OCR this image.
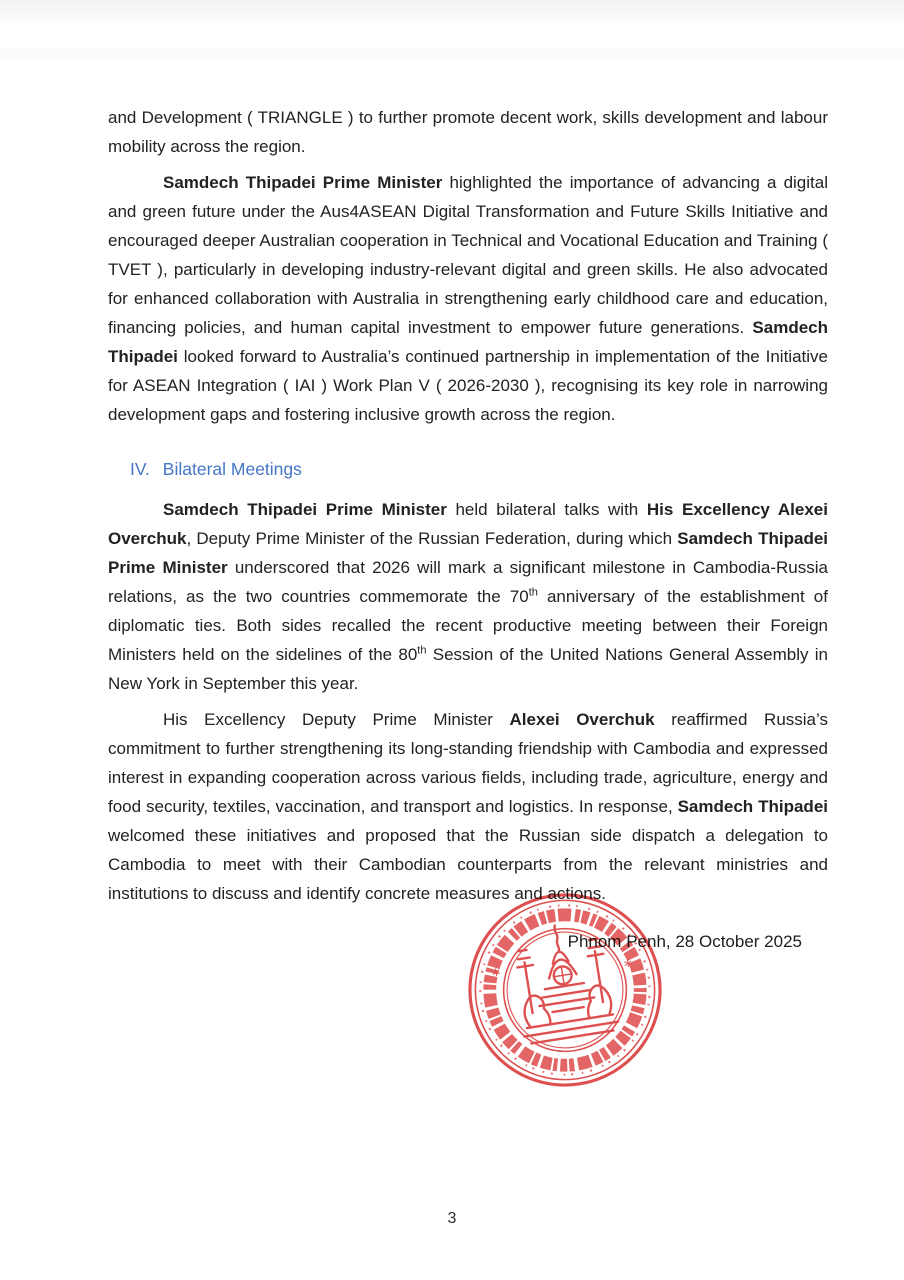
and Development ( TRIANGLE ) to further promote decent work, skills development and labour mobility across the region.

Samdech Thipadei Prime Minister highlighted the importance of advancing a digital and green future under the Aus4ASEAN Digital Transformation and Future Skills Initiative and encouraged deeper Australian cooperation in Technical and Vocational Education and Training ( TVET ), particularly in developing industry-relevant digital and green skills. He also advocated for enhanced collaboration with Australia in strengthening early childhood care and education, financing policies, and human capital investment to empower future generations. Samdech Thipadei looked forward to Australia’s continued partnership in implementation of the Initiative for ASEAN Integration ( IAI ) Work Plan V ( 2026-2030 ), recognising its key role in narrowing development gaps and fostering inclusive growth across the region.

IV. Bilateral Meetings

Samdech Thipadei Prime Minister held bilateral talks with His Excellency Alexei Overchuk, Deputy Prime Minister of the Russian Federation, during which Samdech Thipadei Prime Minister underscored that 2026 will mark a significant milestone in Cambodia-Russia relations, as the two countries commemorate the 70th anniversary of the establishment of diplomatic ties. Both sides recalled the recent productive meeting between their Foreign Ministers held on the sidelines of the 80th Session of the United Nations General Assembly in New York in September this year.

His Excellency Deputy Prime Minister Alexei Overchuk reaffirmed Russia’s commitment to further strengthening its long-standing friendship with Cambodia and expressed interest in expanding cooperation across various fields, including trade, agriculture, energy and food security, textiles, vaccination, and transport and logistics. In response, Samdech Thipadei welcomed these initiatives and proposed that the Russian side dispatch a delegation to Cambodia to meet with their Cambodian counterparts from the relevant ministries and institutions to discuss and identify concrete measures and actions.

Phnom Penh, 28 October 2025
*	*
3
